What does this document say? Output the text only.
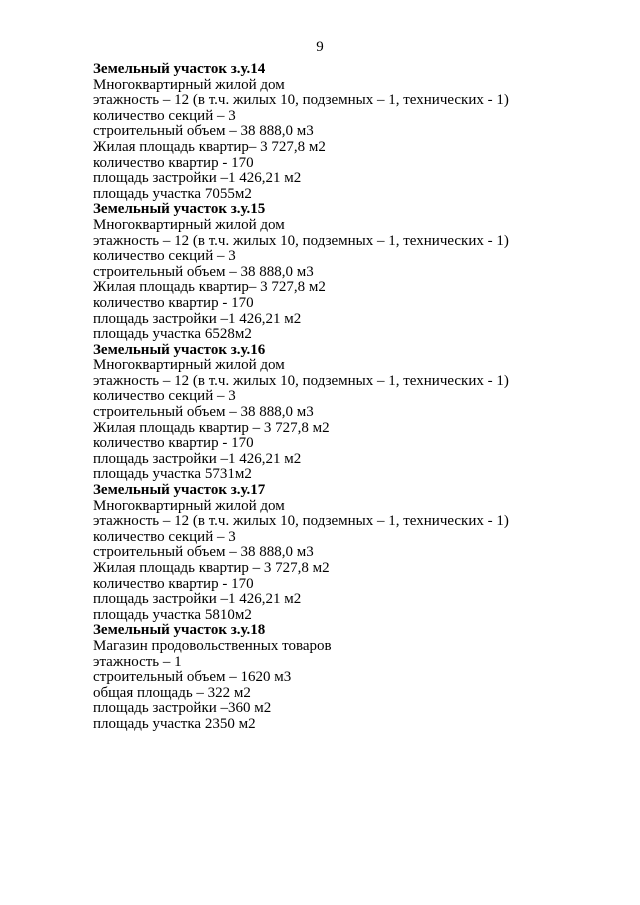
9
Земельный участок з.у.14
Многоквартирный жилой дом
этажность – 12 (в т.ч. жилых 10, подземных – 1, технических - 1)
количество секций – 3
строительный объем – 38 888,0 м3
Жилая площадь квартир– 3 727,8 м2
количество квартир - 170
площадь застройки –1 426,21 м2
площадь участка 7055м2
Земельный участок з.у.15
Многоквартирный жилой дом
этажность – 12 (в т.ч. жилых 10, подземных – 1, технических - 1)
количество секций – 3
строительный объем – 38 888,0 м3
Жилая площадь квартир– 3 727,8 м2
количество квартир - 170
площадь застройки –1 426,21 м2
площадь участка 6528м2
Земельный участок з.у.16
Многоквартирный жилой дом
этажность – 12 (в т.ч. жилых 10, подземных – 1, технических - 1)
количество секций – 3
строительный объем – 38 888,0 м3
Жилая площадь квартир – 3 727,8 м2
количество квартир - 170
площадь застройки –1 426,21 м2
площадь участка 5731м2
Земельный участок з.у.17
Многоквартирный жилой дом
этажность – 12 (в т.ч. жилых 10, подземных – 1, технических - 1)
количество секций – 3
строительный объем – 38 888,0 м3
Жилая площадь квартир – 3 727,8 м2
количество квартир - 170
площадь застройки –1 426,21 м2
площадь участка 5810м2
Земельный участок з.у.18
Магазин продовольственных товаров
этажность – 1
строительный объем – 1620 м3
общая площадь – 322 м2
площадь застройки –360 м2
площадь участка 2350 м2
